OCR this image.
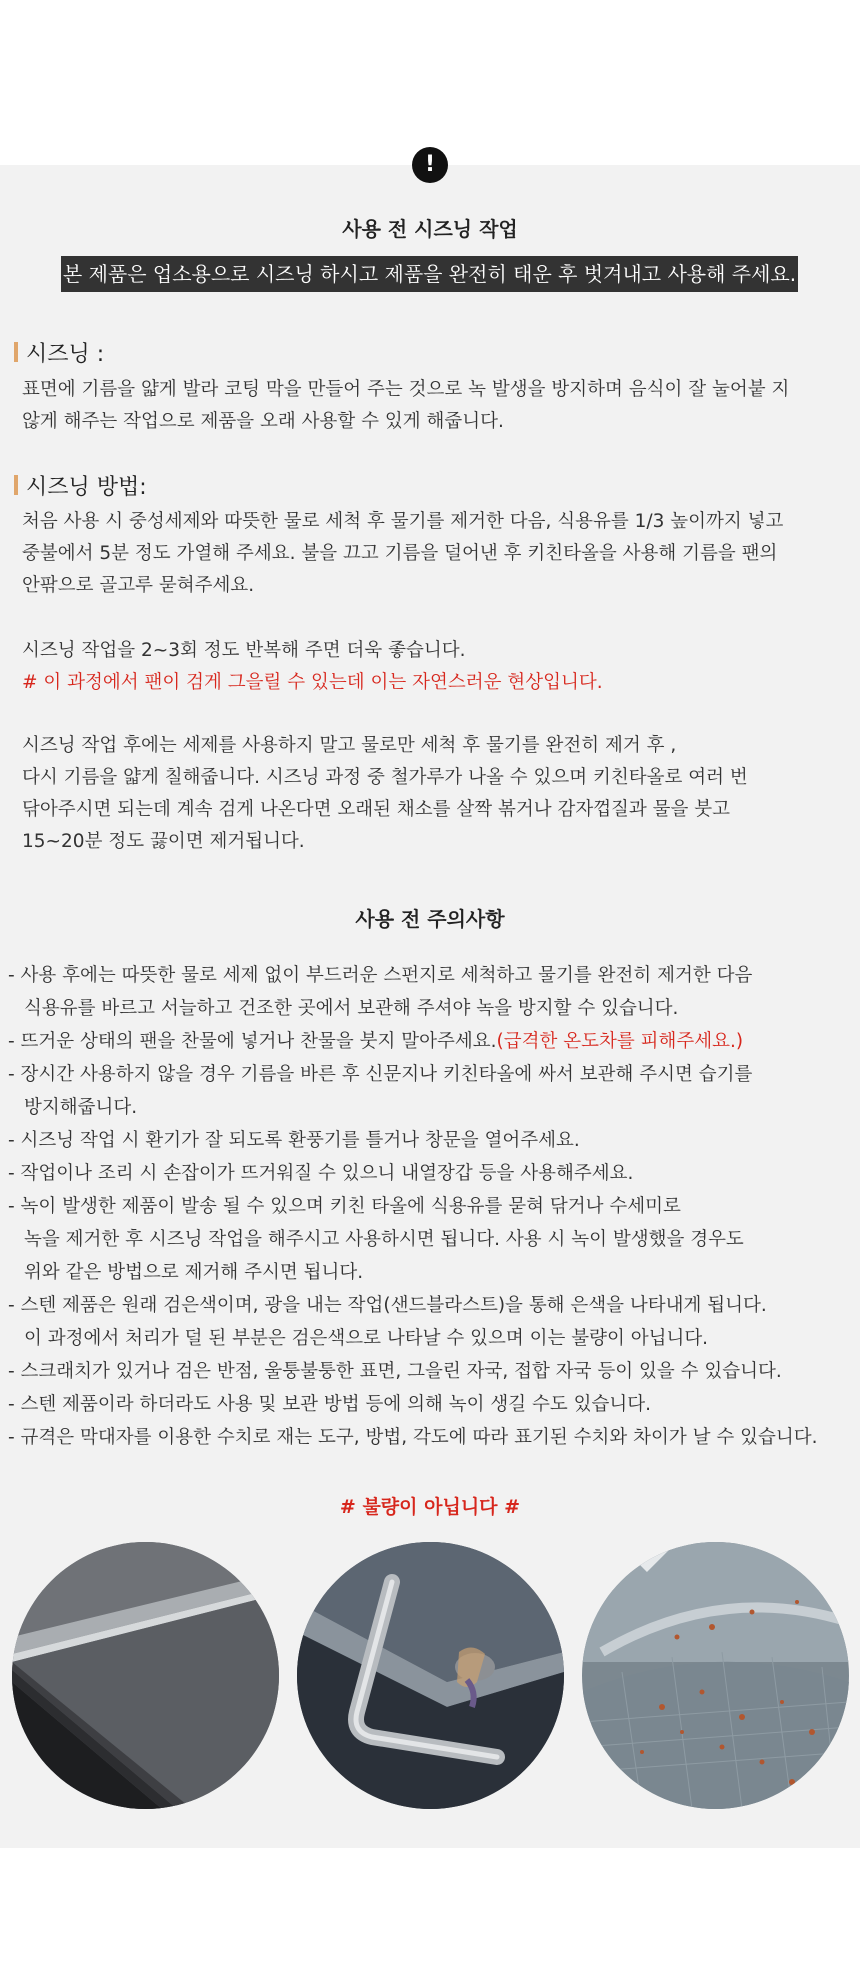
!
사용 전 시즈닝 작업
본 제품은 업소용으로 시즈닝 하시고 제품을 완전히 태운 후 벗겨내고 사용해 주세요.
시즈닝 :
표면에 기름을 얇게 발라 코팅 막을 만들어 주는 것으로 녹 발생을 방지하며 음식이 잘 눌어붙 지
않게 해주는 작업으로 제품을 오래 사용할 수 있게 해줍니다.
시즈닝 방법:
처음 사용 시 중성세제와 따뜻한 물로 세척 후 물기를 제거한 다음, 식용유를 1/3 높이까지 넣고
중불에서 5분 정도 가열해 주세요. 불을 끄고 기름을 덜어낸 후 키친타올을 사용해 기름을 팬의
안팎으로 골고루 묻혀주세요.
시즈닝 작업을 2~3회 정도 반복해 주면 더욱 좋습니다.
# 이 과정에서 팬이 검게 그을릴 수 있는데 이는 자연스러운 현상입니다.
시즈닝 작업 후에는 세제를 사용하지 말고 물로만 세척 후 물기를 완전히 제거 후 ,
다시 기름을 얇게 칠해줍니다. 시즈닝 과정 중 철가루가 나올 수 있으며 키친타올로 여러 번
닦아주시면 되는데 계속 검게 나온다면 오래된 채소를 살짝 볶거나 감자껍질과 물을 붓고
15~20분 정도 끓이면 제거됩니다.
사용 전 주의사항
- 사용 후에는 따뜻한 물로 세제 없이 부드러운 스펀지로 세척하고 물기를 완전히 제거한 다음
식용유를 바르고 서늘하고 건조한 곳에서 보관해 주셔야 녹을 방지할 수 있습니다.
- 뜨거운 상태의 팬을 찬물에 넣거나 찬물을 붓지 말아주세요.(급격한 온도차를 피해주세요.)
- 장시간 사용하지 않을 경우 기름을 바른 후 신문지나 키친타올에 싸서 보관해 주시면 습기를
방지해줍니다.
- 시즈닝 작업 시 환기가 잘 되도록 환풍기를 틀거나 창문을 열어주세요.
- 작업이나 조리 시 손잡이가 뜨거워질 수 있으니 내열장갑 등을 사용해주세요.
- 녹이 발생한 제품이 발송 될 수 있으며 키친 타올에 식용유를 묻혀 닦거나 수세미로
녹을 제거한 후 시즈닝 작업을 해주시고 사용하시면 됩니다. 사용 시 녹이 발생했을 경우도
위와 같은 방법으로 제거해 주시면 됩니다.
- 스텐 제품은 원래 검은색이며, 광을 내는 작업(샌드블라스트)을 통해 은색을 나타내게 됩니다.
이 과정에서 처리가 덜 된 부분은 검은색으로 나타날 수 있으며 이는 불량이 아닙니다.
- 스크래치가 있거나 검은 반점, 울퉁불퉁한 표면, 그을린 자국, 접합 자국 등이 있을 수 있습니다.
- 스텐 제품이라 하더라도 사용 및 보관 방법 등에 의해 녹이 생길 수도 있습니다.
- 규격은 막대자를 이용한 수치로 재는 도구, 방법, 각도에 따라 표기된 수치와 차이가 날 수 있습니다.
# 불량이 아닙니다 #
